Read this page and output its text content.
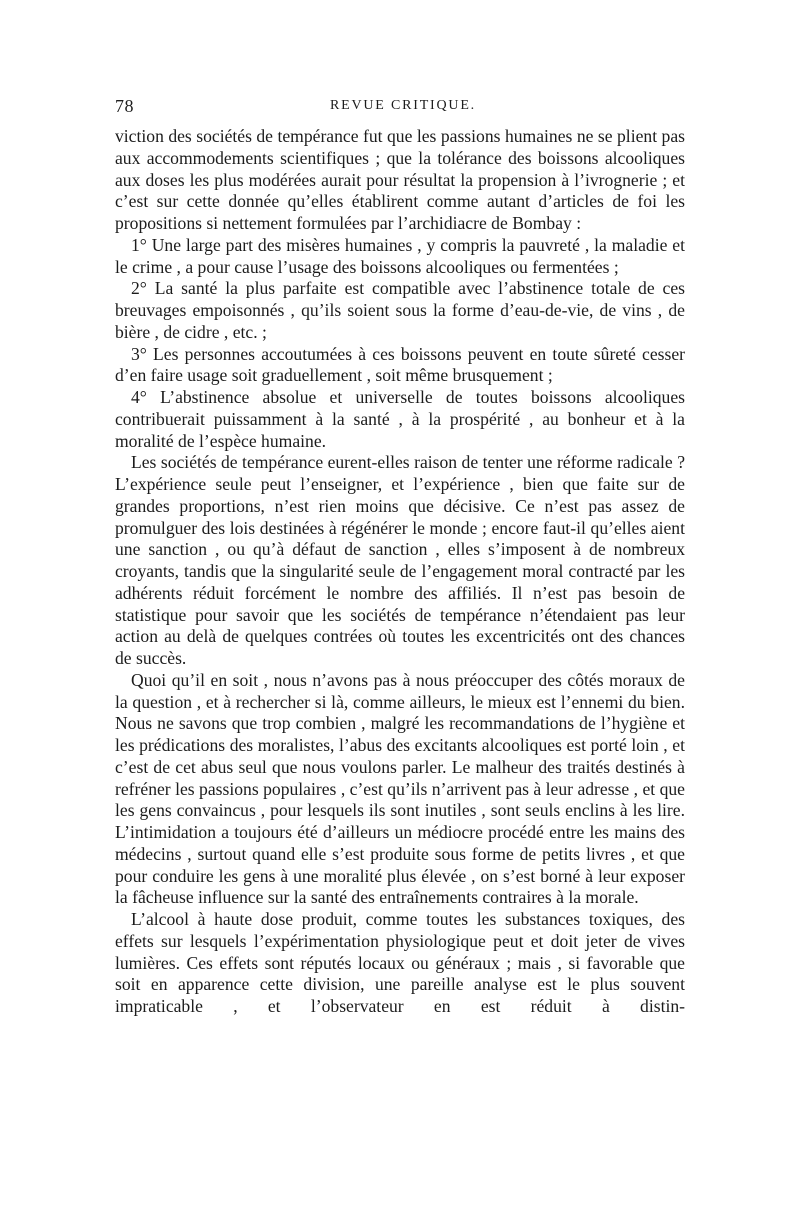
78	REVUE CRITIQUE.

viction des sociétés de tempérance fut que les passions humaines ne se plient pas aux accommodements scientifiques ; que la tolérance des boissons alcooliques aux doses les plus modérées aurait pour résultat la propension à l’ivrognerie ; et c’est sur cette donnée qu’elles établirent comme autant d’articles de foi les propositions si nettement formulées par l’archidiacre de Bombay :

1° Une large part des misères humaines , y compris la pauvreté , la maladie et le crime , a pour cause l’usage des boissons alcooliques ou fermentées ;

2° La santé la plus parfaite est compatible avec l’abstinence totale de ces breuvages empoisonnés , qu’ils soient sous la forme d’eau-de-vie, de vins , de bière , de cidre , etc. ;

3° Les personnes accoutumées à ces boissons peuvent en toute sûreté cesser d’en faire usage soit graduellement , soit même brusquement ;

4° L’abstinence absolue et universelle de toutes boissons alcooliques contribuerait puissamment à la santé , à la prospérité , au bonheur et à la moralité de l’espèce humaine.

Les sociétés de tempérance eurent-elles raison de tenter une réforme radicale ? L’expérience seule peut l’enseigner, et l’expérience , bien que faite sur de grandes proportions, n’est rien moins que décisive. Ce n’est pas assez de promulguer des lois destinées à régénérer le monde ; encore faut-il qu’elles aient une sanction , ou qu’à défaut de sanction , elles s’imposent à de nombreux croyants, tandis que la singularité seule de l’engagement moral contracté par les adhérents réduit forcément le nombre des affiliés. Il n’est pas besoin de statistique pour savoir que les sociétés de tempérance n’étendaient pas leur action au delà de quelques contrées où toutes les excentricités ont des chances de succès.

Quoi qu’il en soit , nous n’avons pas à nous préoccuper des côtés moraux de la question , et à rechercher si là, comme ailleurs, le mieux est l’ennemi du bien. Nous ne savons que trop combien , malgré les recommandations de l’hygiène et les prédications des moralistes, l’abus des excitants alcooliques est porté loin , et c’est de cet abus seul que nous voulons parler. Le malheur des traités destinés à refréner les passions populaires , c’est qu’ils n’arrivent pas à leur adresse , et que les gens convaincus , pour lesquels ils sont inutiles , sont seuls enclins à les lire. L’intimidation a toujours été d’ailleurs un médiocre procédé entre les mains des médecins , surtout quand elle s’est produite sous forme de petits livres , et que pour conduire les gens à une moralité plus élevée , on s’est borné à leur exposer la fâcheuse influence sur la santé des entraînements contraires à la morale.

L’alcool à haute dose produit, comme toutes les substances toxiques, des effets sur lesquels l’expérimentation physiologique peut et doit jeter de vives lumières. Ces effets sont réputés locaux ou généraux ; mais , si favorable que soit en apparence cette division, une pareille analyse est le plus souvent impraticable , et l’observateur en est réduit à distin-
